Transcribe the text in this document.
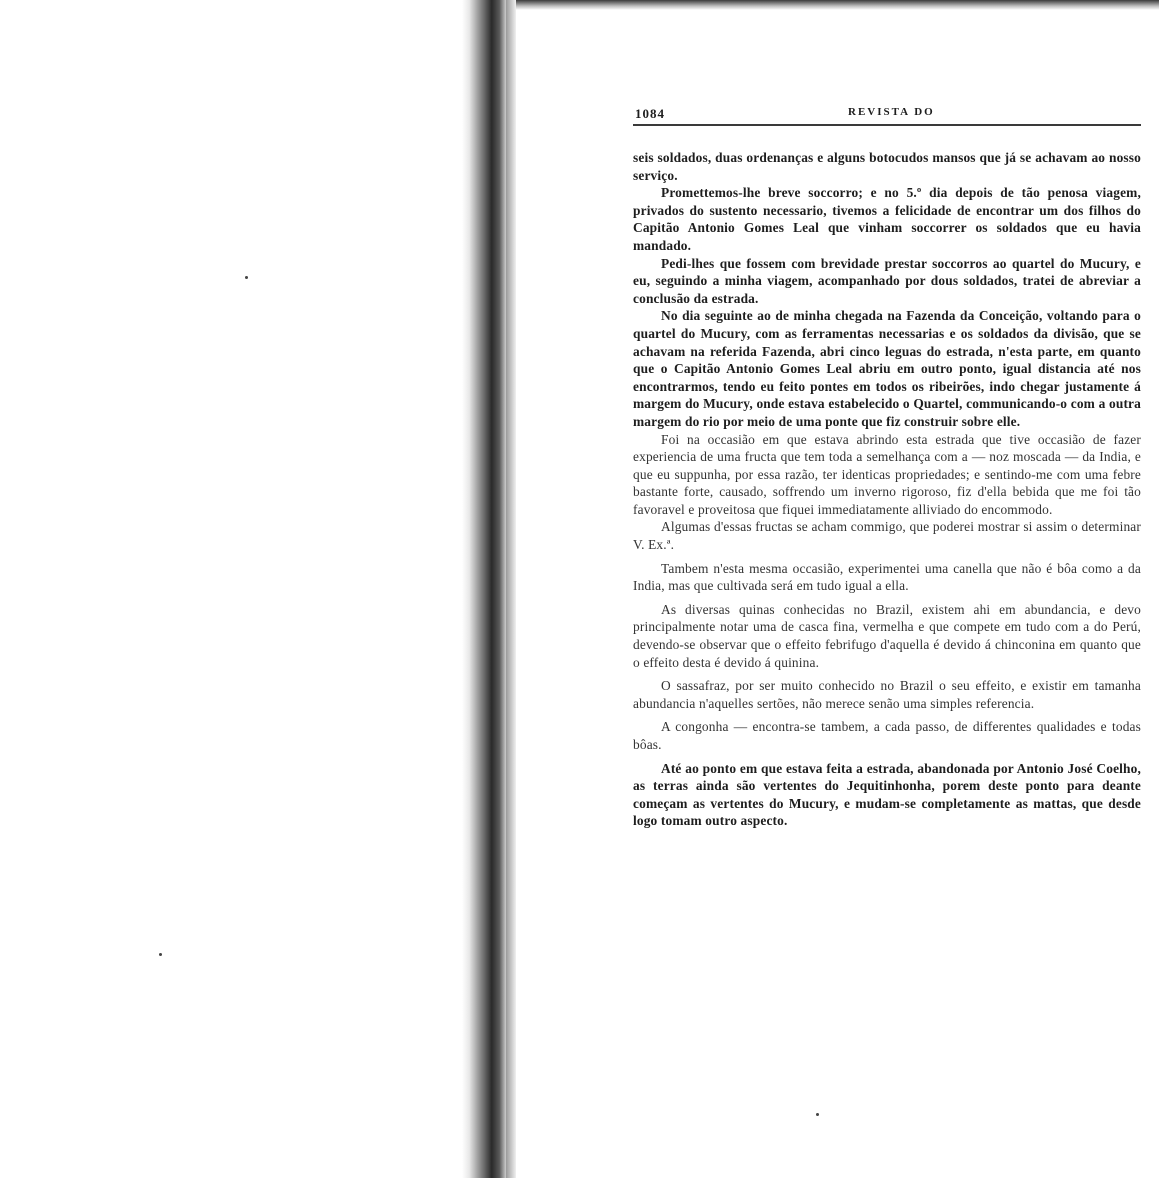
1084	REVISTA DO

seis soldados, duas ordenanças e alguns botocudos mansos que já se achavam ao nosso serviço.

Promettemos-lhe breve soccorro; e no 5.º dia depois de tão penosa viagem, privados do sustento necessario, tivemos a felicidade de encontrar um dos filhos do Capitão Antonio Gomes Leal que vinham soccorrer os soldados que eu havia mandado.

Pedi-lhes que fossem com brevidade prestar soccorros ao quartel do Mucury, e eu, seguindo a minha viagem, acompanhado por dous soldados, tratei de abreviar a conclusão da estrada.

No dia seguinte ao de minha chegada na Fazenda da Conceição, voltando para o quartel do Mucury, com as ferramentas necessarias e os soldados da divisão, que se achavam na referida Fazenda, abri cinco leguas do estrada, n'esta parte, em quanto que o Capitão Antonio Gomes Leal abriu em outro ponto, igual distancia até nos encontrarmos, tendo eu feito pontes em todos os ribeirões, indo chegar justamente á margem do Mucury, onde estava estabelecido o Quartel, communicando-o com a outra margem do rio por meio de uma ponte que fiz construir sobre elle.

Foi na occasião em que estava abrindo esta estrada que tive occasião de fazer experiencia de uma fructa que tem toda a semelhança com a — noz moscada — da India, e que eu suppunha, por essa razão, ter identicas propriedades; e sentindo-me com uma febre bastante forte, causado, soffrendo um inverno rigoroso, fiz d'ella bebida que me foi tão favoravel e proveitosa que fiquei immediatamente alliviado do encommodo.

Algumas d'essas fructas se acham commigo, que poderei mostrar si assim o determinar V. Ex.ª.

Tambem n'esta mesma occasião, experimentei uma canella que não é bôa como a da India, mas que cultivada será em tudo igual a ella.

As diversas quinas conhecidas no Brazil, existem ahi em abundancia, e devo principalmente notar uma de casca fina, vermelha e que compete em tudo com a do Perú, devendo-se observar que o effeito febrifugo d'aquella é devido á chinconina em quanto que o effeito desta é devido á quinina.

O sassafraz, por ser muito conhecido no Brazil o seu effeito, e existir em tamanha abundancia n'aquelles sertões, não merece senão uma simples referencia.

A congonha — encontra-se tambem, a cada passo, de differentes qualidades e todas bôas.

Até ao ponto em que estava feita a estrada, abandonada por Antonio José Coelho, as terras ainda são vertentes do Jequitinhonha, porem deste ponto para deante começam as vertentes do Mucury, e mudam-se completamente as mattas, que desde logo tomam outro aspecto.
